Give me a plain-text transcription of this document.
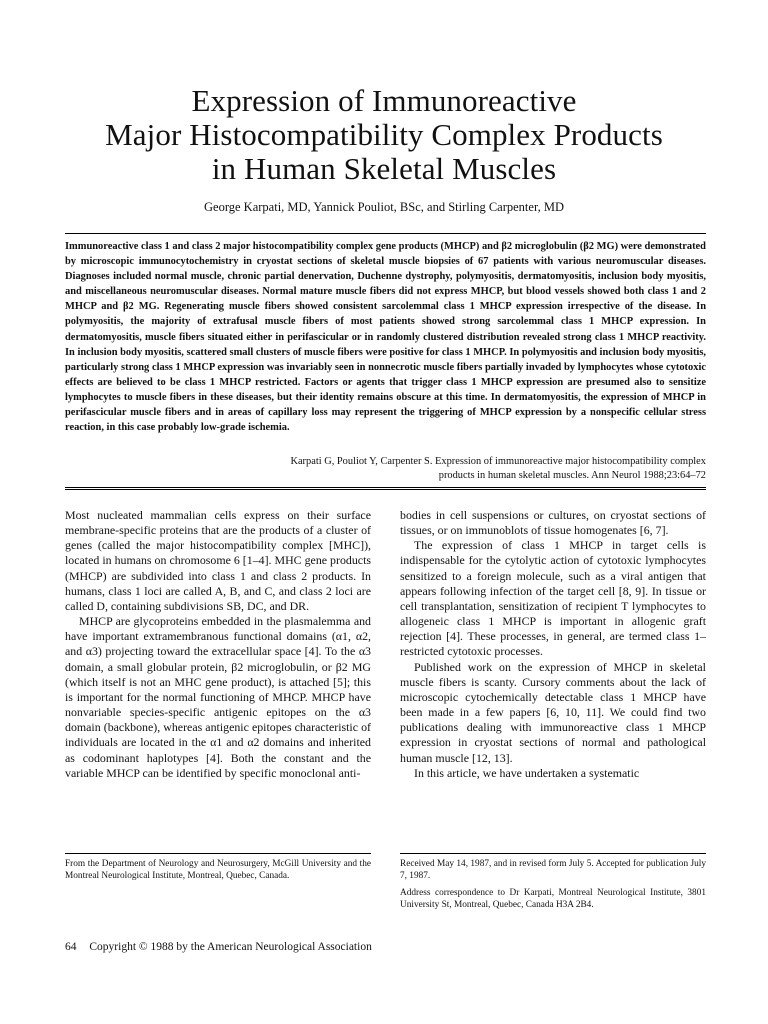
Expression of Immunoreactive
Major Histocompatibility Complex Products
in Human Skeletal Muscles
George Karpati, MD, Yannick Pouliot, BSc, and Stirling Carpenter, MD
Immunoreactive class 1 and class 2 major histocompatibility complex gene products (MHCP) and β2 microglobulin (β2 MG) were demonstrated by microscopic immunocytochemistry in cryostat sections of skeletal muscle biopsies of 67 patients with various neuromuscular diseases. Diagnoses included normal muscle, chronic partial denervation, Duchenne dystrophy, polymyositis, dermatomyositis, inclusion body myositis, and miscellaneous neuromuscular diseases. Normal mature muscle fibers did not express MHCP, but blood vessels showed both class 1 and 2 MHCP and β2 MG. Regenerating muscle fibers showed consistent sarcolemmal class 1 MHCP expression irrespective of the disease. In polymyositis, the majority of extrafusal muscle fibers of most patients showed strong sarcolemmal class 1 MHCP expression. In dermatomyositis, muscle fibers situated either in perifascicular or in randomly clustered distribution revealed strong class 1 MHCP reactivity. In inclusion body myositis, scattered small clusters of muscle fibers were positive for class 1 MHCP. In polymyositis and inclusion body myositis, particularly strong class 1 MHCP expression was invariably seen in nonnecrotic muscle fibers partially invaded by lymphocytes whose cytotoxic effects are believed to be class 1 MHCP restricted. Factors or agents that trigger class 1 MHCP expression are presumed also to sensitize lymphocytes to muscle fibers in these diseases, but their identity remains obscure at this time. In dermatomyositis, the expression of MHCP in perifascicular muscle fibers and in areas of capillary loss may represent the triggering of MHCP expression by a nonspecific cellular stress reaction, in this case probably low-grade ischemia.
Karpati G, Pouliot Y, Carpenter S. Expression of immunoreactive major histocompatibility complex
products in human skeletal muscles. Ann Neurol 1988;23:64–72

Most nucleated mammalian cells express on their surface membrane-specific proteins that are the products of a cluster of genes (called the major histocompatibility complex [MHC]), located in humans on chromosome 6 [1–4]. MHC gene products (MHCP) are subdivided into class 1 and class 2 products. In humans, class 1 loci are called A, B, and C, and class 2 loci are called D, containing subdivisions SB, DC, and DR.

MHCP are glycoproteins embedded in the plasmalemma and have important extramembranous functional domains (α1, α2, and α3) projecting toward the extracellular space [4]. To the α3 domain, a small globular protein, β2 microglobulin, or β2 MG (which itself is not an MHC gene product), is attached [5]; this is important for the normal functioning of MHCP. MHCP have nonvariable species-specific antigenic epitopes on the α3 domain (backbone), whereas antigenic epitopes characteristic of individuals are located in the α1 and α2 domains and inherited as codominant haplotypes [4]. Both the constant and the variable MHCP can be identified by specific monoclonal anti-

bodies in cell suspensions or cultures, on cryostat sections of tissues, or on immunoblots of tissue homogenates [6, 7].

The expression of class 1 MHCP in target cells is indispensable for the cytolytic action of cytotoxic lymphocytes sensitized to a foreign molecule, such as a viral antigen that appears following infection of the target cell [8, 9]. In tissue or cell transplantation, sensitization of recipient T lymphocytes to allogeneic class 1 MHCP is important in allogenic graft rejection [4]. These processes, in general, are termed class 1–restricted cytotoxic processes.

Published work on the expression of MHCP in skeletal muscle fibers is scanty. Cursory comments about the lack of microscopic cytochemically detectable class 1 MHCP have been made in a few papers [6, 10, 11]. We could find two publications dealing with immunoreactive class 1 MHCP expression in cryostat sections of normal and pathological human muscle [12, 13].

In this article, we have undertaken a systematic

From the Department of Neurology and Neurosurgery, McGill University and the Montreal Neurological Institute, Montreal, Quebec, Canada.

Received May 14, 1987, and in revised form July 5. Accepted for publication July 7, 1987.

Address correspondence to Dr Karpati, Montreal Neurological Institute, 3801 University St, Montreal, Quebec, Canada H3A 2B4.

64 Copyright © 1988 by the American Neurological Association
